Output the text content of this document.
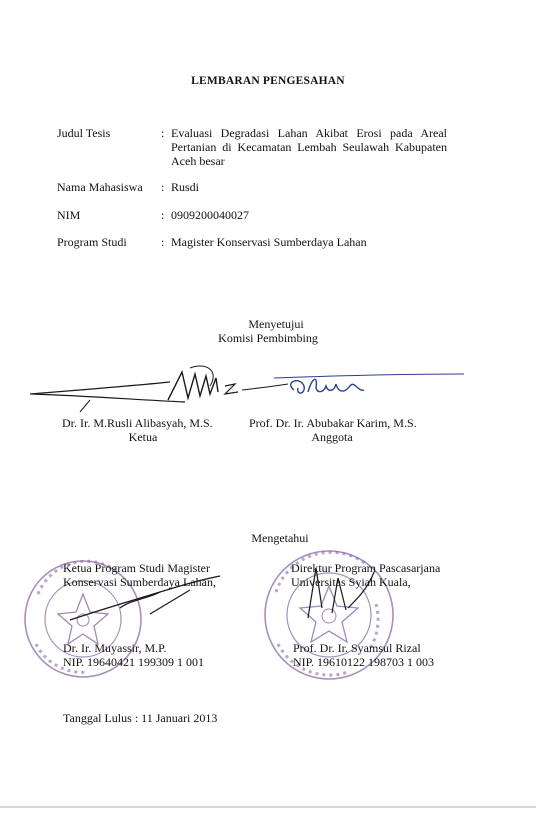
LEMBARAN PENGESAHAN
Judul Tesis	: Evaluasi Degradasi Lahan Akibat Erosi pada Areal
Pertanian di Kecamatan Lembah Seulawah Kabupaten
Aceh besar
Nama Mahasiswa : Rusdi
NIM	: 0909200040027
Program Studi	: Magister Konservasi Sumberdaya Lahan
Menyetujui
Komisi Pembimbing
Dr. Ir. M.Rusli Alibasyah, M.S.
Ketua
Prof. Dr. Ir. Abubakar Karim, M.S.
Anggota
Mengetahui
Ketua Program Studi Magister
Konservasi Sumberdaya Lahan,
Dr. Ir. Muyassir, M.P.
NIP. 19640421 199309 1 001
Direktur Program Pascasarjana
Universitas Syiah Kuala,
Prof. Dr. Ir. Syamsul Rizal
NIP. 19610122 198703 1 003
Tanggal Lulus : 11 Januari 2013
